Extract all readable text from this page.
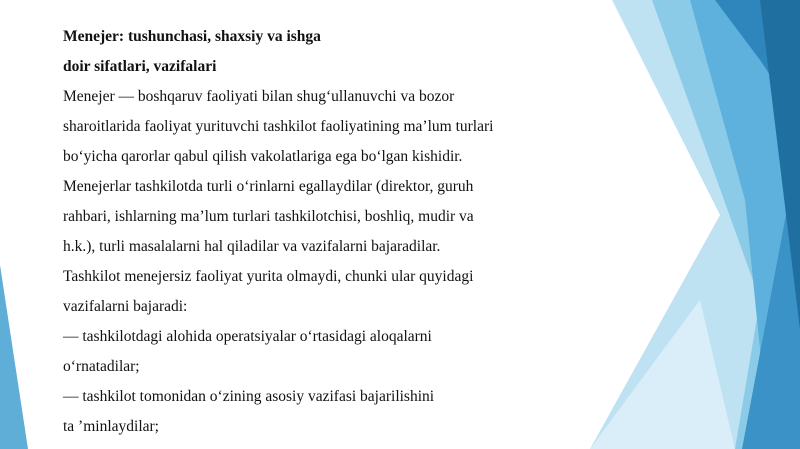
Menejer: tushunchasi, shaxsiy va ishga
doir sifatlari, vazifalari
Menejer — boshqaruv faoliyati bilan shug‘ullanuvchi va bozor
sharoitlarida faoliyat yurituvchi tashkilot faoliyatining ma’lum turlari
bo‘yicha qarorlar qabul qilish vakolatlariga ega bo‘lgan kishidir.
Menejerlar tashkilotda turli o‘rinlarni egallaydilar (direktor, guruh
rahbari, ishlarning ma’lum turlari tashkilotchisi, boshliq, mudir va
h.k.), turli masalalarni hal qiladilar va vazifalarni bajaradilar.
Tashkilot menejersiz faoliyat yurita olmaydi, chunki ular quyidagi
vazifalarni bajaradi:
— tashkilotdagi alohida operatsiyalar o‘rtasidagi aloqalarni
o‘rnatadilar;
— tashkilot tomonidan o‘zining asosiy vazifasi bajarilishini
ta ’minlaydilar;
